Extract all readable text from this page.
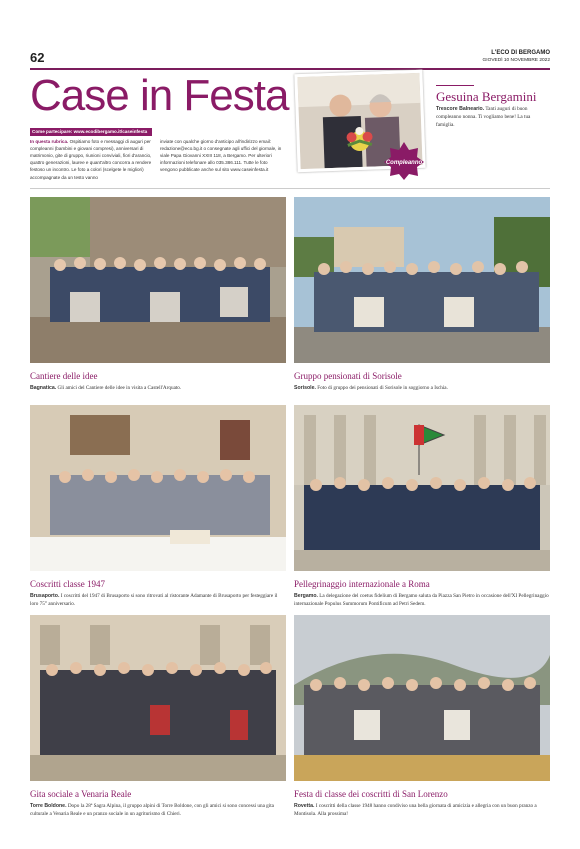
62	L'ECO DI BERGAMO
GIOVEDÌ 10 NOVEMBRE 2022
Case in Festa
Come partecipare: www.ecodibergamo.it/caseinfesta
In questa rubrica. Ospitiamo foto e messaggi di auguri per compleanni (bambini e giovani compresi), anniversari di matrimonio, gite di gruppo, riunioni conviviali, fiori d'arancio, quattro generazioni, lauree e quant'altro concorra a rendere festoso un incontro. Le foto a colori (scelgete le migliori) accompagnate da un testo vanno
inviate con qualche giorno d'anticipo all'indirizzo email: redazione@eco.bg.it o consegnate agli uffici del giornale, in viale Papa Giovanni XXIII 118, a Bergamo. Per ulteriori informazioni telefonare allo 035.386.111. Tutte le foto vengono pubblicate anche sul sito www.caseinfesta.it
Compleanno
Gesuina Bergamini
Trescore Balneario. Tanti auguri di buon compleanno nonna. Ti vogliamo bene! La tua famiglia.
Cantiere delle idee
Bagnatica. Gli amici del Cantiere delle idee in visita a Castell'Arquato.
Gruppo pensionati di Sorisole
Sorisole. Foto di gruppo dei pensionati di Sorisole in soggiorno a Ischia.
Coscritti classe 1947
Brusaporto. I coscritti del 1947 di Brusaporto si sono ritrovati al ristorante Adamante di Brusaporto per festeggiare il loro 75° anniversario.
Pellegrinaggio internazionale a Roma
Bergamo. La delegazione del coetus fidelium di Bergamo saluta da Piazza San Pietro in occasione dell'XI Pellegrinaggio internazionale Populus Summorum Pontificum ad Petri Sedem.
Gita sociale a Venaria Reale
Torre Boldone. Dopo la 28ª Sagra Alpina, il gruppo alpini di Torre Boldone, con gli amici si sono concessi una gita culturale a Venaria Reale e un pranzo sociale in un agriturismo di Chieri.
Festa di classe dei coscritti di San Lorenzo
Rovetta. I coscritti della classe 1948 hanno condiviso una bella giornata di amicizia e allegria con un buon pranzo a Montisola. Alla prossima!
